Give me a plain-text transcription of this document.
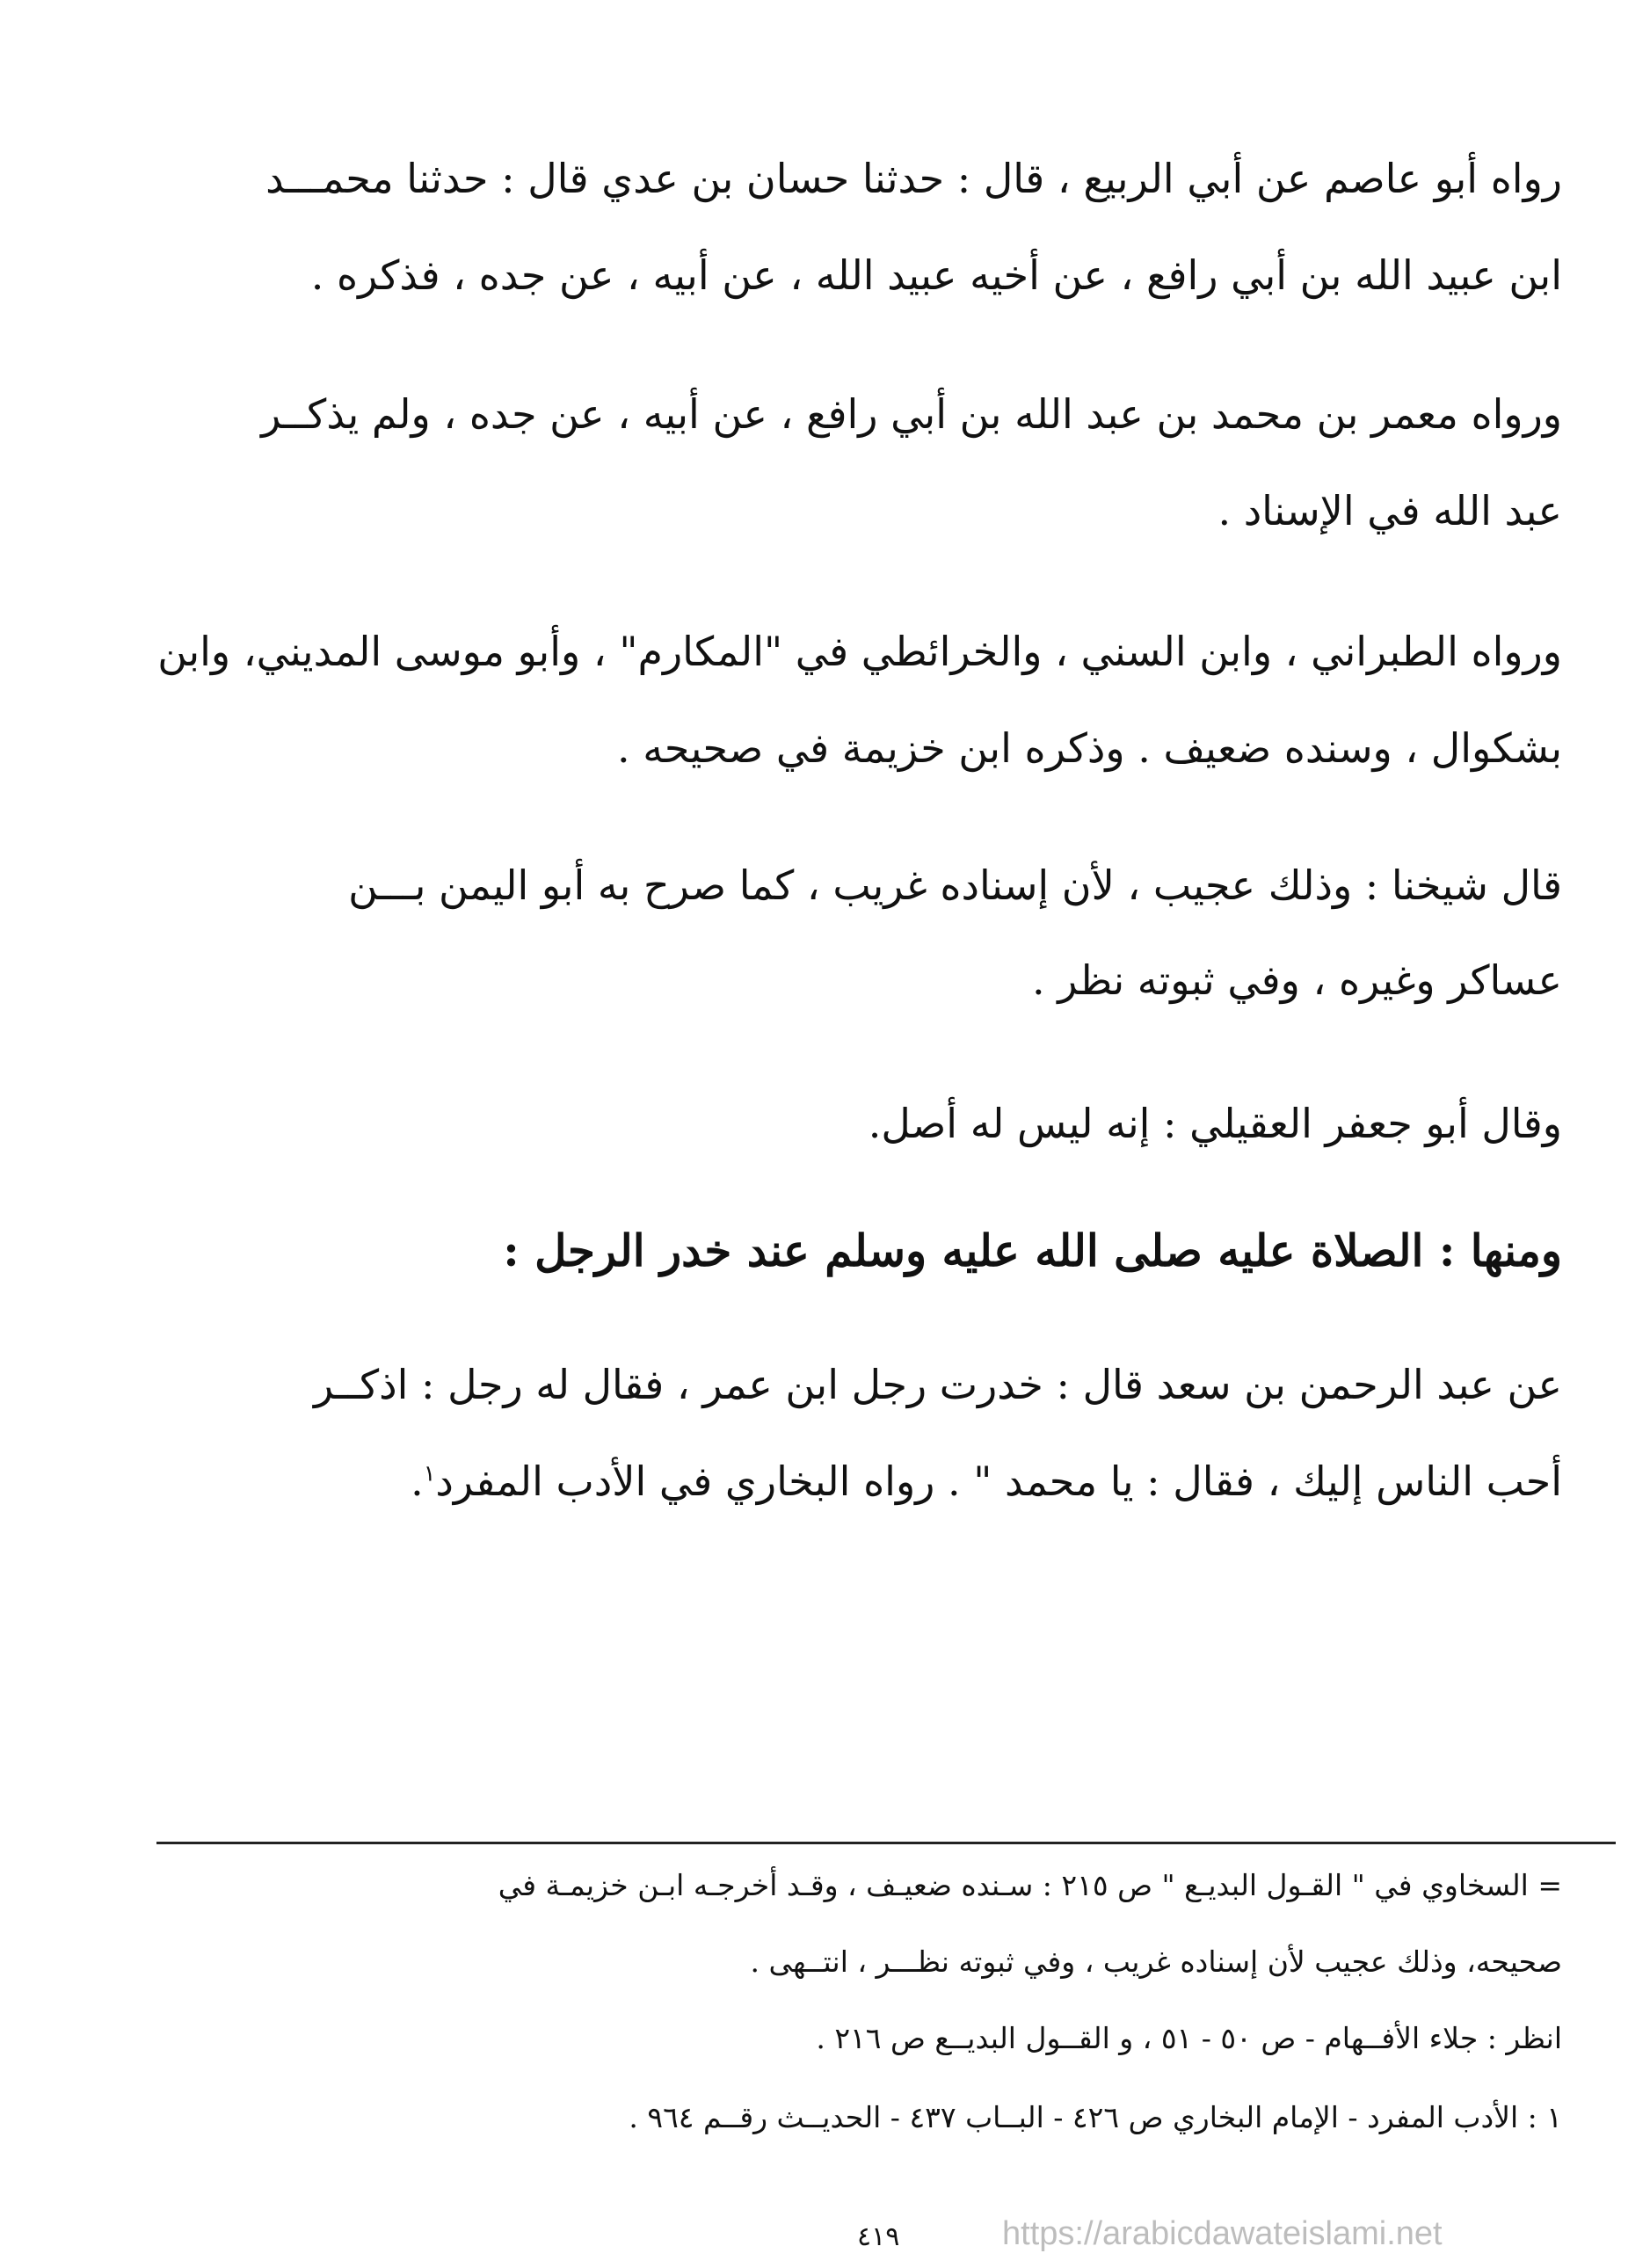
رواه أبو عاصم عن أبي الربيع ، قال : حدثنا حسان بن عدي قال : حدثنا محمـــد
ابن عبيد الله بن أبي رافع ، عن أخيه عبيد الله ، عن أبيه ، عن جده ، فذكره .
ورواه معمر بن محمد بن عبد الله بن أبي رافع ، عن أبيه ، عن جده ، ولم يذكــر
عبد الله في الإسناد .
ورواه الطبراني ، وابن السني ، والخرائطي في "المكارم" ، وأبو موسى المديني، وابن
بشكوال ، وسنده ضعيف . وذكره ابن خزيمة في صحيحه .
قال شيخنا : وذلك عجيب ، لأن إسناده غريب ، كما صرح به أبو اليمن بـــن
عساكر وغيره ، وفي ثبوته نظر .
وقال أبو جعفر العقيلي : إنه ليس له أصل.
ومنها : الصلاة عليه صلى الله عليه وسلم عند خدر الرجل :
عن عبد الرحمن بن سعد قال : خدرت رجل ابن عمر ، فقال له رجل : اذكــر
أحب الناس إليك ، فقال : يا محمد " . رواه البخاري في الأدب المفرد$^١$.
= السخاوي في " القـول البديـع " ص ٢١٥ : سـنده ضعيـف ، وقـد أخرجـه ابـن خزيمـة في
صحيحه، وذلك عجيب لأن إسناده غريب ، وفي ثبوته نظـــر ، انتــهى .
انظر : جلاء الأفــهام - ص ٥٠ - ٥١ ، و القــول البديــع ص ٢١٦ .
١ : الأدب المفرد - الإمام البخاري ص ٤٢٦ - البــاب ٤٣٧ - الحديــث رقــم ٩٦٤ .
٤١٩	https://arabicdawateislami.net
